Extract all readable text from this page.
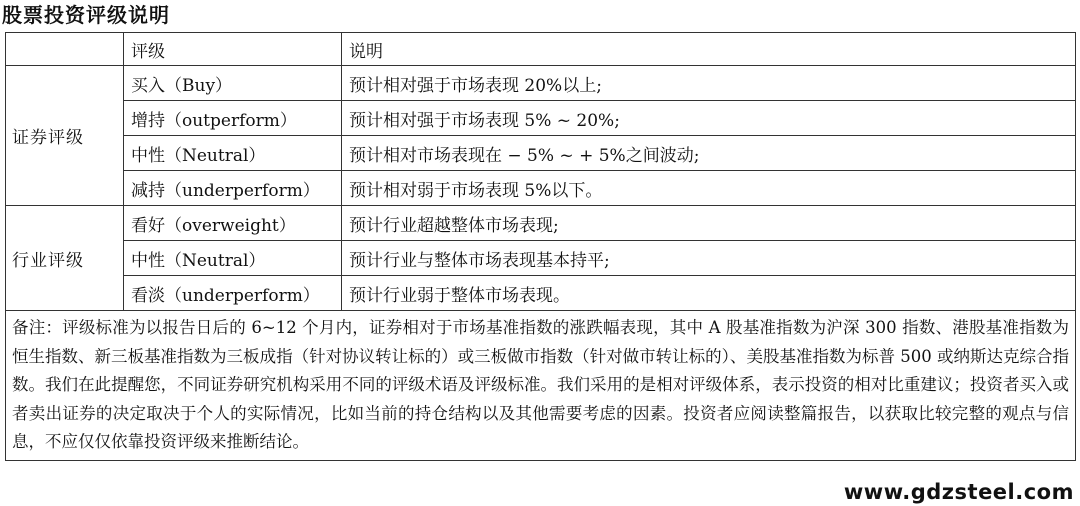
股票投资评级说明
	评级	说明
证券评级	买入（Buy）	预计相对强于市场表现 20%以上;
	增持（outperform）	预计相对强于市场表现 5% ~ 20%;
	中性（Neutral）	预计相对市场表现在 − 5% ~ + 5%之间波动;
	减持（underperform）	预计相对弱于市场表现 5%以下。
行业评级	看好（overweight）	预计行业超越整体市场表现;
	中性（Neutral）	预计行业与整体市场表现基本持平;
	看淡（underperform）	预计行业弱于整体市场表现。
备注：评级标准为以报告日后的 6~12 个月内，证券相对于市场基准指数的涨跌幅表现，其中 A 股基准指数为沪深 300 指数、港股基准指数为恒生指数、新三板基准指数为三板成指（针对协议转让标的）或三板做市指数（针对做市转让标的）、美股基准指数为标普 500 或纳斯达克综合指数。我们在此提醒您，不同证券研究机构采用不同的评级术语及评级标准。我们采用的是相对评级体系，表示投资的相对比重建议；投资者买入或者卖出证券的决定取决于个人的实际情况，比如当前的持仓结构以及其他需要考虑的因素。投资者应阅读整篇报告，以获取比较完整的观点与信息，不应仅仅依靠投资评级来推断结论。		
www.gdzsteel.com
